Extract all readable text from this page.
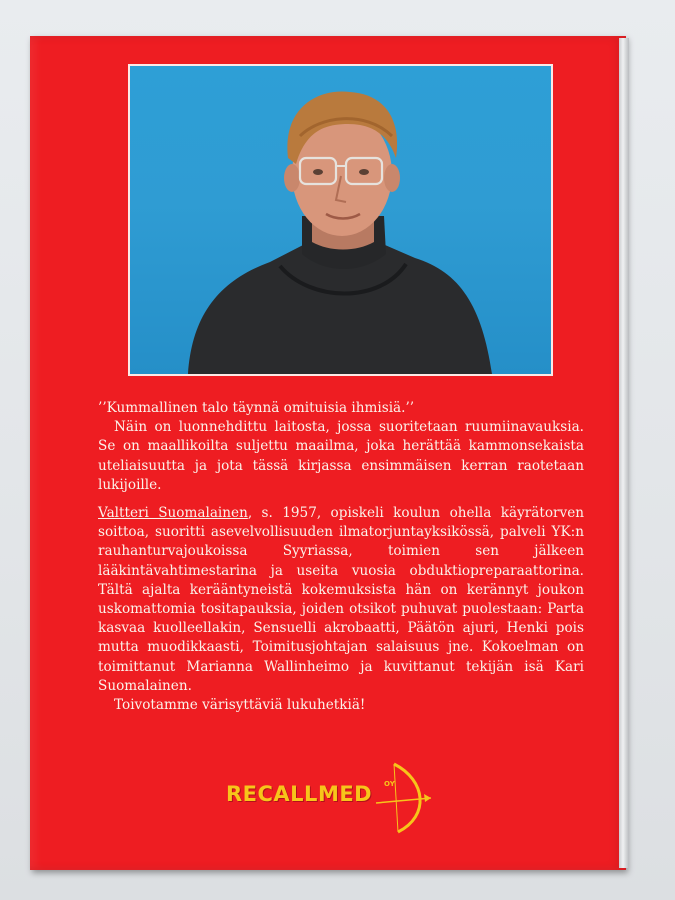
’’Kummallinen talo täynnä omituisia ihmisiä.’’

Näin on luonnehdittu laitosta, jossa suoritetaan ruumiinavauksia. Se on maallikoilta suljettu maailma, joka herättää kammonsekaista uteliaisuutta ja jota tässä kirjassa ensimmäisen kerran raotetaan lukijoille.

Valtteri Suomalainen, s. 1957, opiskeli koulun ohella käyrätorven soittoa, suoritti asevelvollisuuden ilmatorjuntayksikössä, palveli YK:n rauhanturvajoukoissa Syyriassa, toimien sen jälkeen lääkintävahtimestarina ja useita vuosia obduktiopreparaattorina. Tältä ajalta kerääntyneistä kokemuksista hän on kerännyt joukon uskomattomia tositapauksia, joiden otsikot puhuvat puolestaan: Parta kasvaa kuolleellakin, Sensuelli akrobaatti, Päätön ajuri, Henki pois mutta muodikkaasti, Toimitusjohtajan salaisuus jne. Kokoelman on toimittanut Marianna Wallinheimo ja kuvittanut tekijän isä Kari Suomalainen.

Toivotamme värisyttäviä lukuhetkiä!

RECALLMED OY
